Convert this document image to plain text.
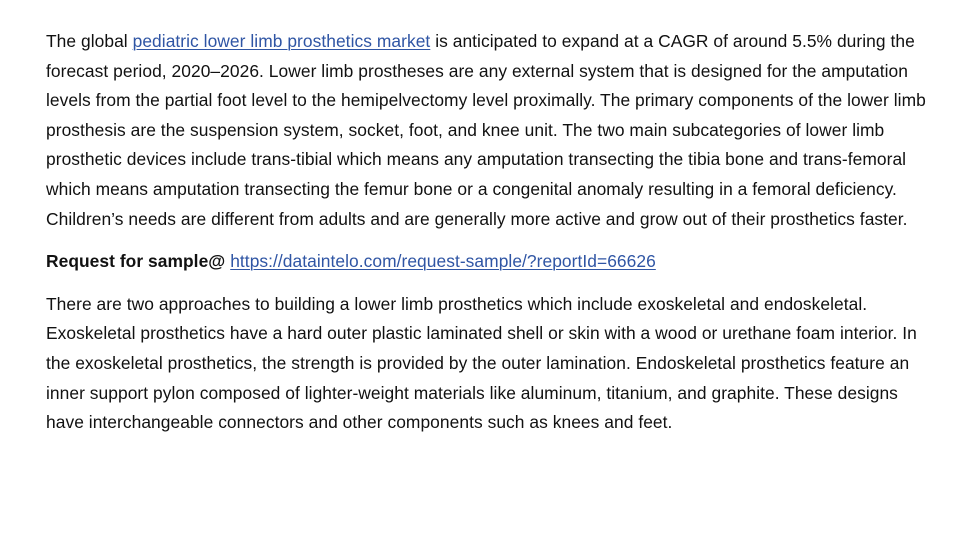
The global pediatric lower limb prosthetics market is anticipated to expand at a CAGR of around 5.5% during the forecast period, 2020–2026. Lower limb prostheses are any external system that is designed for the amputation levels from the partial foot level to the hemipelvectomy level proximally. The primary components of the lower limb prosthesis are the suspension system, socket, foot, and knee unit. The two main subcategories of lower limb prosthetic devices include trans-tibial which means any amputation transecting the tibia bone and trans-femoral which means amputation transecting the femur bone or a congenital anomaly resulting in a femoral deficiency. Children’s needs are different from adults and are generally more active and grow out of their prosthetics faster.

Request for sample@ https://dataintelo.com/request-sample/?reportId=66626

There are two approaches to building a lower limb prosthetics which include exoskeletal and endoskeletal. Exoskeletal prosthetics have a hard outer plastic laminated shell or skin with a wood or urethane foam interior. In the exoskeletal prosthetics, the strength is provided by the outer lamination. Endoskeletal prosthetics feature an inner support pylon composed of lighter-weight materials like aluminum, titanium, and graphite. These designs have interchangeable connectors and other components such as knees and feet.
